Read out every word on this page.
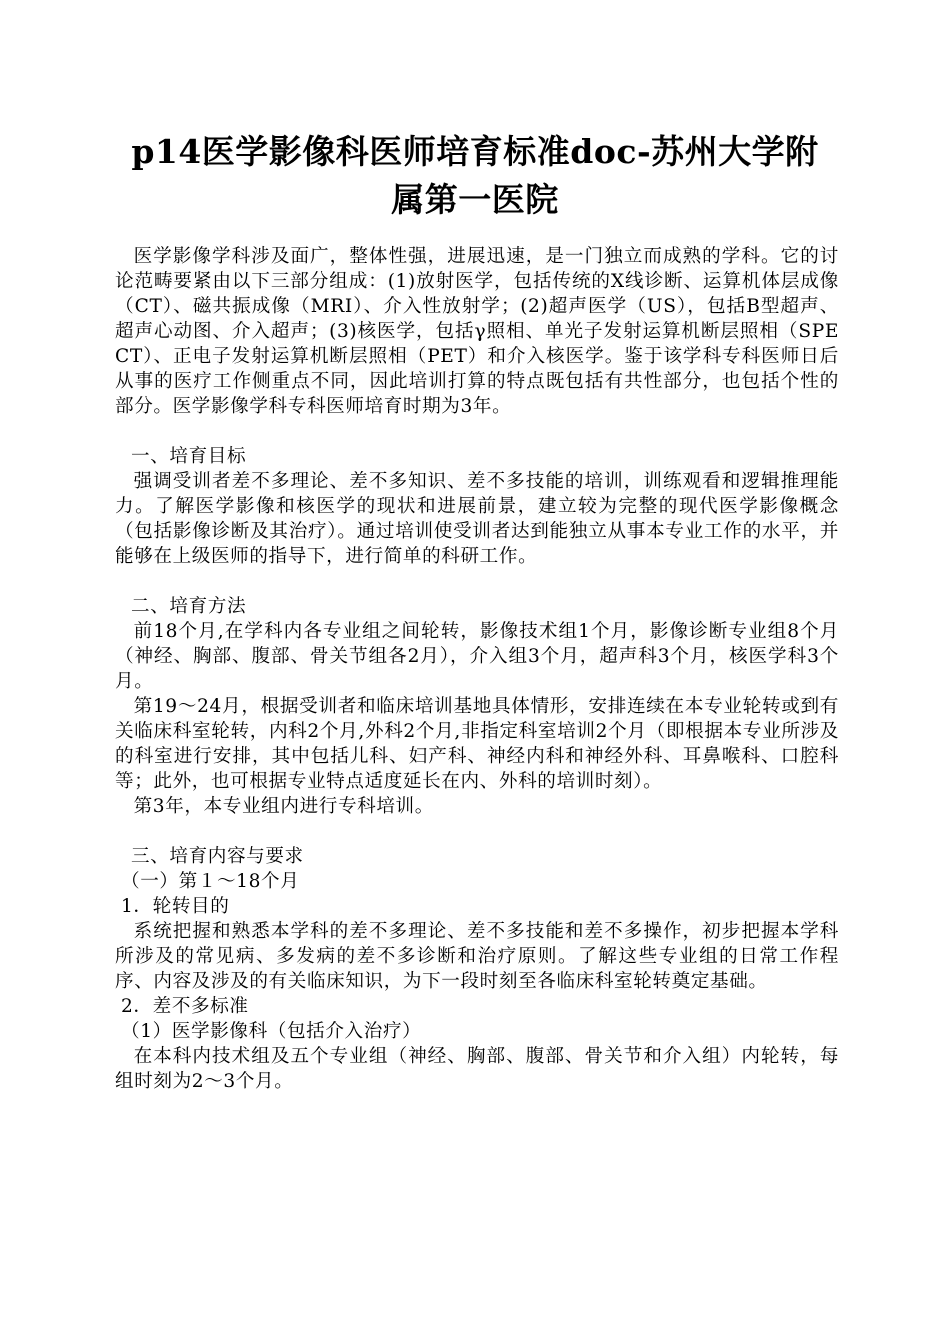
p14医学影像科医师培育标准doc-苏州大学附属第一医院

医学影像学科涉及面广，整体性强，进展迅速，是一门独立而成熟的学科。它的讨论范畴要紧由以下三部分组成：(1)放射医学，包括传统的X线诊断、运算机体层成像（CT）、磁共振成像（MRI）、介入性放射学；(2)超声医学（US），包括B型超声、超声心动图、介入超声；(3)核医学，包括γ照相、单光子发射运算机断层照相（SPECT）、正电子发射运算机断层照相（PET）和介入核医学。鉴于该学科专科医师日后从事的医疗工作侧重点不同，因此培训打算的特点既包括有共性部分，也包括个性的部分。医学影像学科专科医师培育时期为3年。

一、培育目标

强调受训者差不多理论、差不多知识、差不多技能的培训，训练观看和逻辑推理能力。了解医学影像和核医学的现状和进展前景，建立较为完整的现代医学影像概念（包括影像诊断及其治疗）。通过培训使受训者达到能独立从事本专业工作的水平，并能够在上级医师的指导下，进行简单的科研工作。

二、培育方法

前18个月,在学科内各专业组之间轮转，影像技术组1个月，影像诊断专业组8个月（神经、胸部、腹部、骨关节组各2月），介入组3个月，超声科3个月，核医学科3个月。

第19～24月，根据受训者和临床培训基地具体情形，安排连续在本专业轮转或到有关临床科室轮转，内科2个月,外科2个月,非指定科室培训2个月（即根据本专业所涉及的科室进行安排，其中包括儿科、妇产科、神经内科和神经外科、耳鼻喉科、口腔科等；此外，也可根据专业特点适度延长在内、外科的培训时刻）。

第3年，本专业组内进行专科培训。

三、培育内容与要求

（一）第１～18个月

1．轮转目的

系统把握和熟悉本学科的差不多理论、差不多技能和差不多操作，初步把握本学科所涉及的常见病、多发病的差不多诊断和治疗原则。了解这些专业组的日常工作程序、内容及涉及的有关临床知识，为下一段时刻至各临床科室轮转奠定基础。

2．差不多标准

（1）医学影像科（包括介入治疗）

在本科内技术组及五个专业组（神经、胸部、腹部、骨关节和介入组）内轮转，每组时刻为2～3个月。
